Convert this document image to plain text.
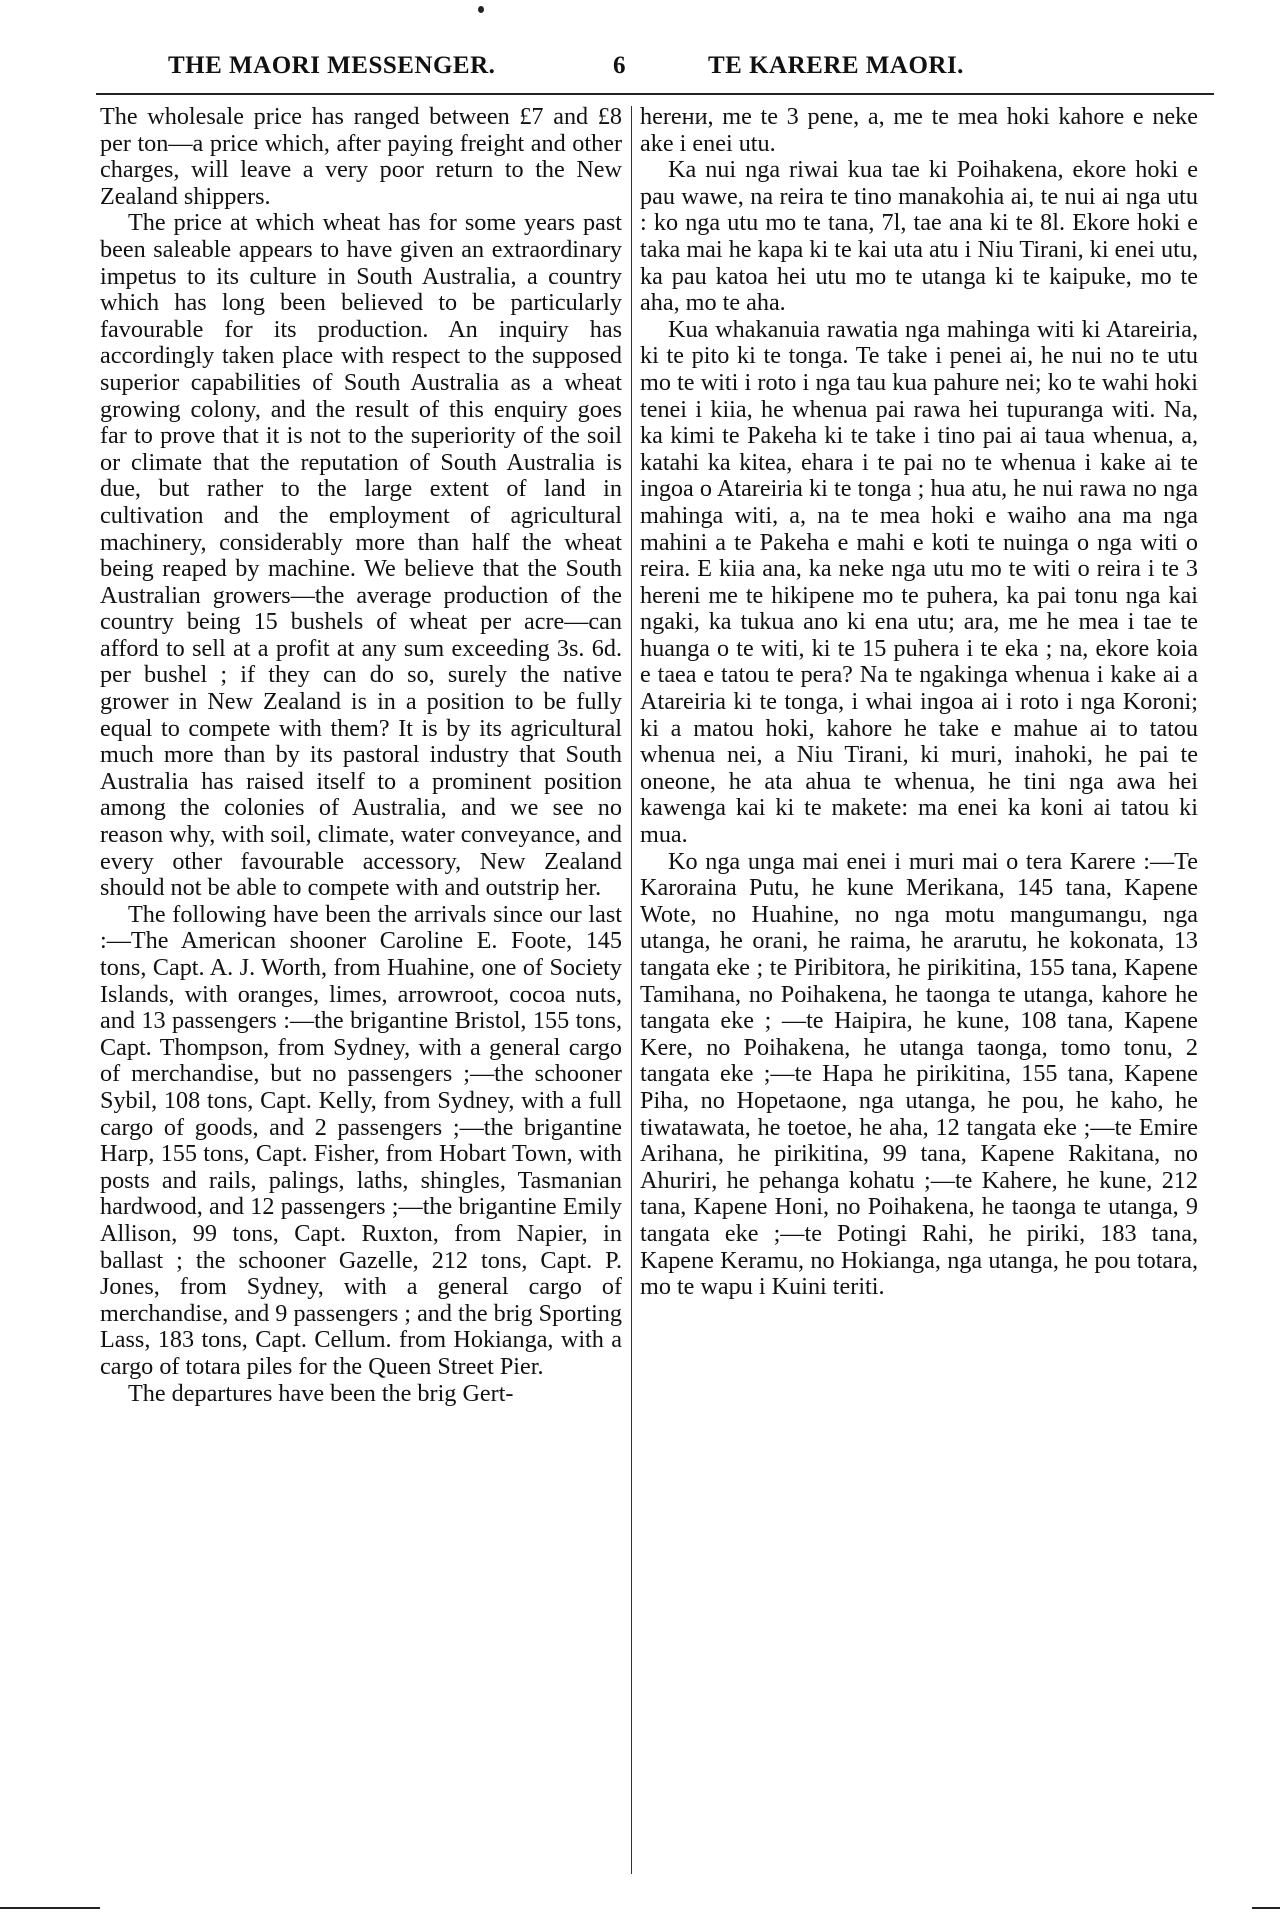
THE MAORI MESSENGER.	6	TE KARERE MAORI.

The wholesale price has ranged between £7 and £8 per ton—a price which, after paying freight and other charges, will leave a very poor return to the New Zealand shippers.

The price at which wheat has for some years past been saleable appears to have given an extraordinary impetus to its culture in South Australia, a country which has long been believed to be particularly favourable for its production. An inquiry has accordingly taken place with respect to the supposed superior capabilities of South Australia as a wheat growing colony, and the result of this enquiry goes far to prove that it is not to the superiority of the soil or climate that the reputation of South Australia is due, but rather to the large extent of land in cultivation and the employment of agricultural machinery, considerably more than half the wheat being reaped by machine. We believe that the South Australian growers—the average production of the country being 15 bushels of wheat per acre—can afford to sell at a profit at any sum exceeding 3s. 6d. per bushel ; if they can do so, surely the native grower in New Zealand is in a position to be fully equal to compete with them? It is by its agricultural much more than by its pastoral industry that South Australia has raised itself to a prominent position among the colonies of Australia, and we see no reason why, with soil, climate, water conveyance, and every other favourable accessory, New Zealand should not be able to compete with and outstrip her.

The following have been the arrivals since our last :—The American shooner Caroline E. Foote, 145 tons, Capt. A. J. Worth, from Huahine, one of Society Islands, with oranges, limes, arrowroot, cocoa nuts, and 13 passengers :—the brigantine Bristol, 155 tons, Capt. Thompson, from Sydney, with a general cargo of merchandise, but no passengers ;—the schooner Sybil, 108 tons, Capt. Kelly, from Sydney, with a full cargo of goods, and 2 passengers ;—the brigantine Harp, 155 tons, Capt. Fisher, from Hobart Town, with posts and rails, palings, laths, shingles, Tasmanian hardwood, and 12 passengers ;—the brigantine Emily Allison, 99 tons, Capt. Ruxton, from Napier, in ballast ; the schooner Gazelle, 212 tons, Capt. P. Jones, from Sydney, with a general cargo of merchandise, and 9 passengers ; and the brig Sporting Lass, 183 tons, Capt. Cellum. from Hokianga, with a cargo of totara piles for the Queen Street Pier.

The departures have been the brig Gert-

herени, me te 3 pene, a, me te mea hoki kahore e neke ake i enei utu.

Ka nui nga riwai kua tae ki Poihakena, ekore hoki e pau wawe, na reira te tino manakohia ai, te nui ai nga utu : ko nga utu mo te tana, 7l, tae ana ki te 8l. Ekore hoki e taka mai he kapa ki te kai uta atu i Niu Tirani, ki enei utu, ka pau katoa hei utu mo te utanga ki te kaipuke, mo te aha, mo te aha.

Kua whakanuia rawatia nga mahinga witi ki Atareiria, ki te pito ki te tonga. Te take i penei ai, he nui no te utu mo te witi i roto i nga tau kua pahure nei; ko te wahi hoki tenei i kiia, he whenua pai rawa hei tupuranga witi. Na, ka kimi te Pakeha ki te take i tino pai ai taua whenua, a, katahi ka kitea, ehara i te pai no te whenua i kake ai te ingoa o Atareiria ki te tonga ; hua atu, he nui rawa no nga mahinga witi, a, na te mea hoki e waiho ana ma nga mahini a te Pakeha e mahi e koti te nuinga o nga witi o reira. E kiia ana, ka neke nga utu mo te witi o reira i te 3 hereni me te hikipene mo te puhera, ka pai tonu nga kai ngaki, ka tukua ano ki ena utu; ara, me he mea i tae te huanga o te witi, ki te 15 puhera i te eka ; na, ekore koia e taea e tatou te pera? Na te ngakinga whenua i kake ai a Atareiria ki te tonga, i whai ingoa ai i roto i nga Koroni; ki a matou hoki, kahore he take e mahue ai to tatou whenua nei, a Niu Tirani, ki muri, inahoki, he pai te oneone, he ata ahua te whenua, he tini nga awa hei kawenga kai ki te makete: ma enei ka koni ai tatou ki mua.

Ko nga unga mai enei i muri mai o tera Karere :—Te Karoraina Putu, he kune Merikana, 145 tana, Kapene Wote, no Huahine, no nga motu mangumangu, nga utanga, he orani, he raima, he ararutu, he kokonata, 13 tangata eke ; te Piribitora, he pirikitina, 155 tana, Kapene Tamihana, no Poihakena, he taonga te utanga, kahore he tangata eke ; —te Haipira, he kune, 108 tana, Kapene Kere, no Poihakena, he utanga taonga, tomo tonu, 2 tangata eke ;—te Hapa he pirikitina, 155 tana, Kapene Piha, no Hopetaone, nga utanga, he pou, he kaho, he tiwatawata, he toetoe, he aha, 12 tangata eke ;—te Emire Arihana, he pirikitina, 99 tana, Kapene Rakitana, no Ahuriri, he pehanga kohatu ;—te Kahere, he kune, 212 tana, Kapene Honi, no Poihakena, he taonga te utanga, 9 tangata eke ;—te Potingi Rahi, he piriki, 183 tana, Kapene Keramu, no Hokianga, nga utanga, he pou totara, mo te wapu i Kuini teriti.
